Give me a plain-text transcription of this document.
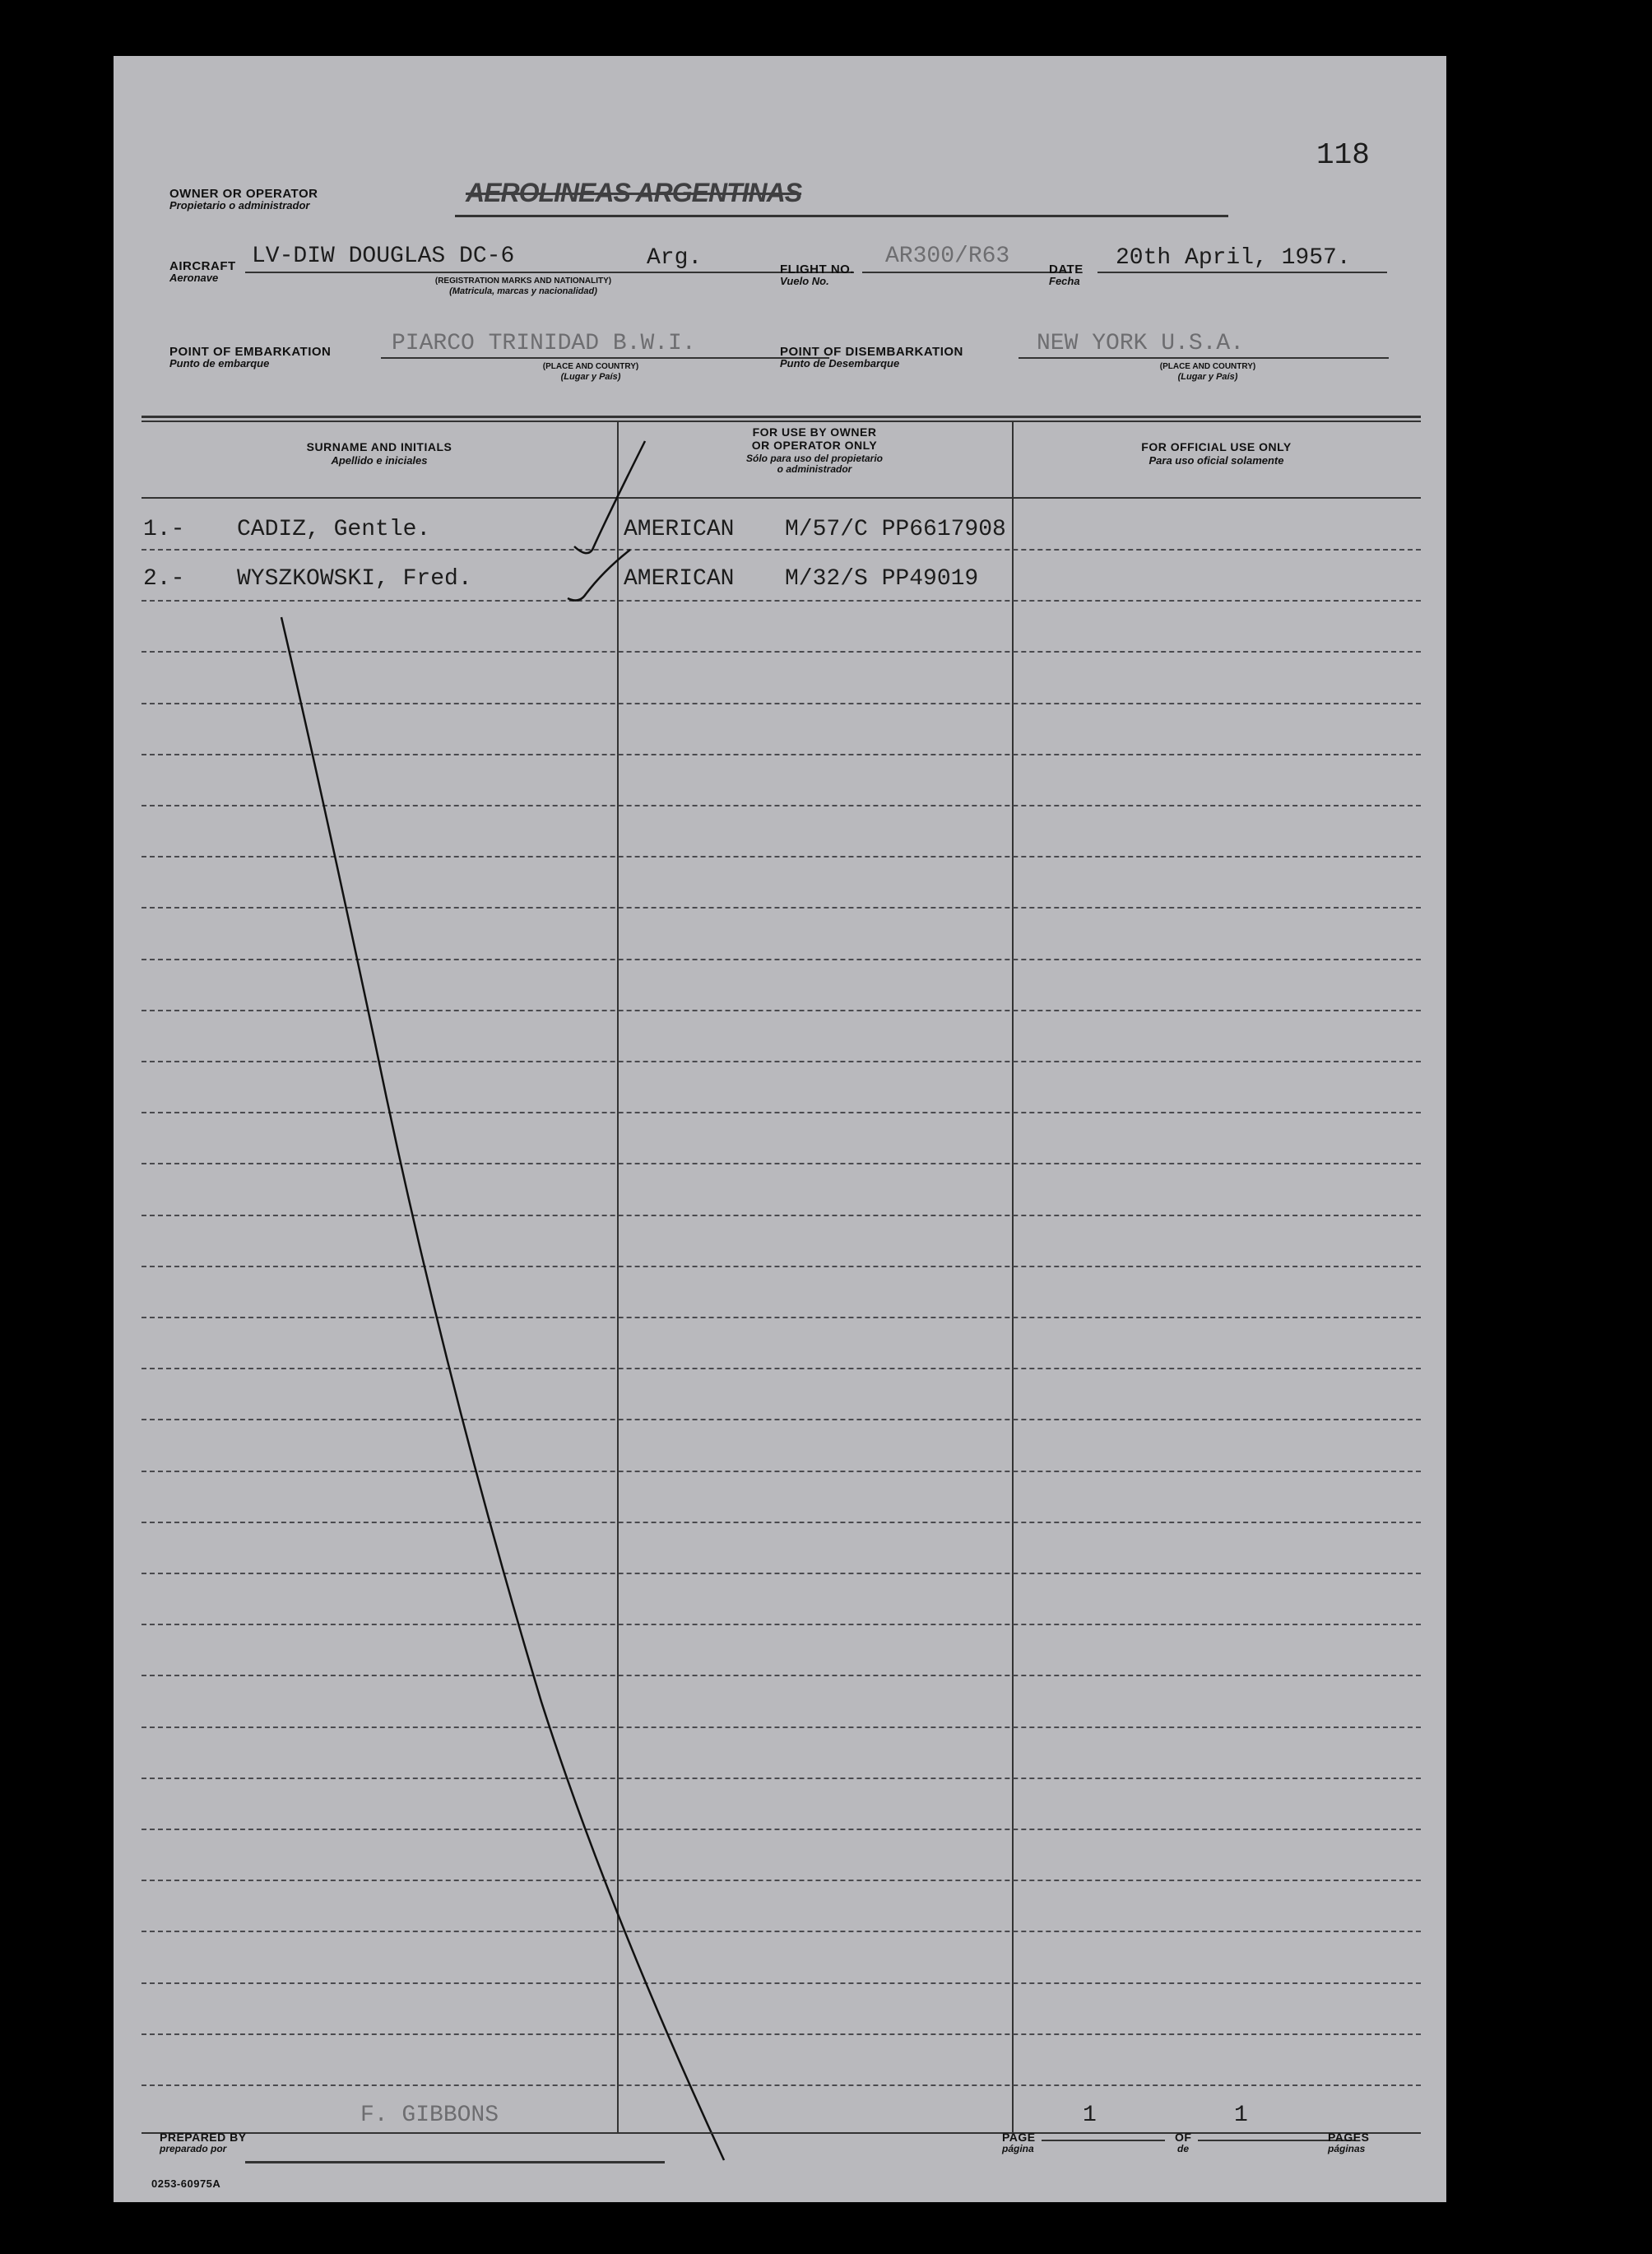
118
OWNER OR OPERATOR
Propietario o administrador	AEROLINEAS ARGENTINAS
AIRCRAFT
Aeronave
LV-DIW DOUGLAS DC-6	Arg.
(REGISTRATION MARKS AND NATIONALITY)
(Matricula, marcas y nacionalidad)
FLIGHT NO.
Vuelo No.
AR300/R63
DATE
Fecha
20th April, 1957.
POINT OF EMBARKATION
Punto de embarque
PIARCO TRINIDAD B.W.I.
(PLACE AND COUNTRY)
(Lugar y País)
POINT OF DISEMBARKATION
Punto de Desembarque
NEW YORK U.S.A.
(PLACE AND COUNTRY)
(Lugar y País)
SURNAME AND INITIALS
Apellido e iniciales
FOR USE BY OWNER
OR OPERATOR ONLY
Sólo para uso del propietario
o administrador
FOR OFFICIAL USE ONLY
Para uso oficial solamente
1.- CADIZ, Gentle.	AMERICAN M/57/C PP6617908
2.- WYSZKOWSKI, Fred.	AMERICAN M/32/S PP49019
PREPARED BY
preparado por
F. GIBBONS
PAGE
página
1
OF
de
1
PAGES
páginas
0253-60975A
